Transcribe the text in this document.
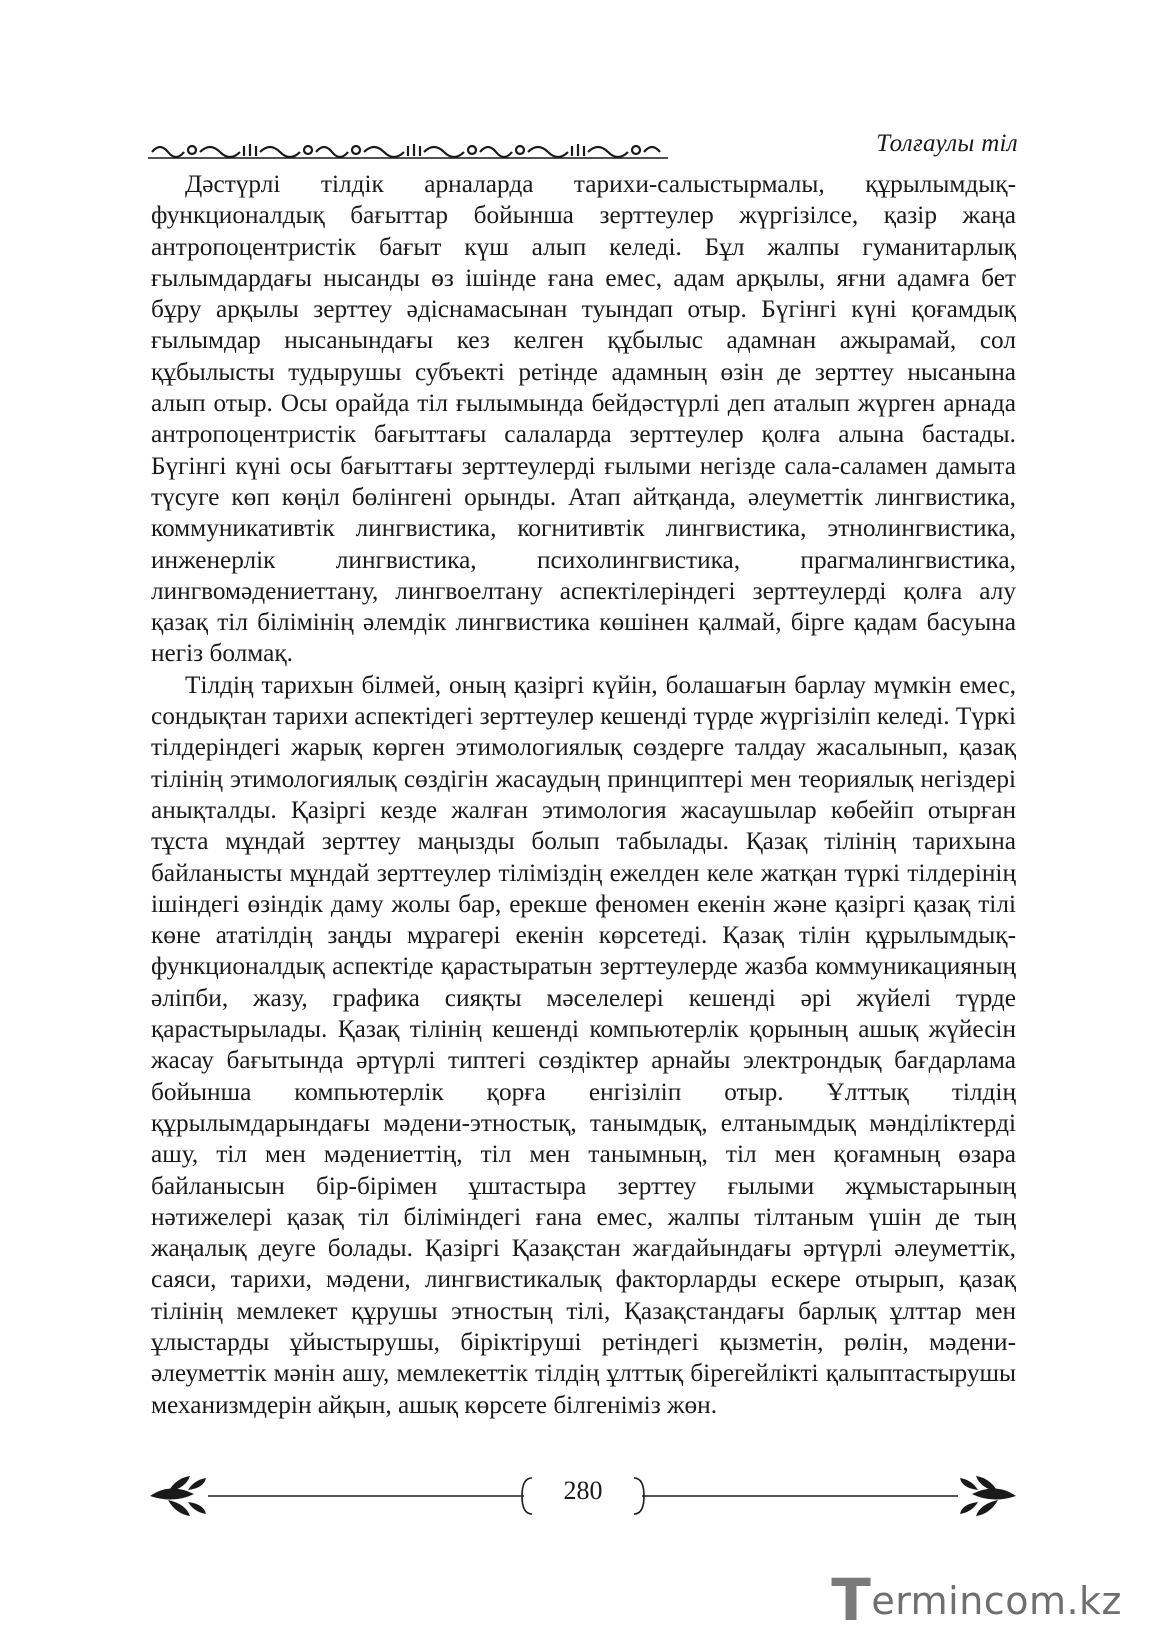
Толғаулы тіл

Дәстүрлі тілдік арналарда тарихи-салыстырмалы, құрылымдық-функционалдық бағыттар бойынша зерттеулер жүргізілсе, қазір жаңа антропоцентристік бағыт күш алып келеді. Бұл жалпы гуманитарлық ғылымдардағы нысанды өз ішінде ғана емес, адам арқылы, яғни адамға бет бұру арқылы зерттеу әдіснамасынан туындап отыр. Бүгінгі күні қоғамдық ғылымдар нысанындағы кез келген құбылыс адамнан ажырамай, сол құбылысты тудырушы субъекті ретінде адамның өзін де зерттеу нысанына алып отыр. Осы орайда тіл ғылымында бейдәстүрлі деп аталып жүрген арнада антропоцентристік бағыттағы салаларда зерттеулер қолға алына бастады. Бүгінгі күні осы бағыттағы зерттеулерді ғылыми негізде сала-саламен дамыта түсуге көп көңіл бөлінгені орынды. Атап айтқанда, әлеуметтік лингвистика, коммуникативтік лингвистика, когнитивтік лингвистика, этнолингвистика, инженерлік лингвистика, психолингвистика, прагмалингвистика, лингвомәдениеттану, лингвоелтану аспектілеріндегі зерттеулерді қолға алу қазақ тіл білімінің әлемдік лингвистика көшінен қалмай, бірге қадам басуына негіз болмақ.

Тілдің тарихын білмей, оның қазіргі күйін, болашағын барлау мүмкін емес, сондықтан тарихи аспектідегі зерттеулер кешенді түрде жүргізіліп келеді. Түркі тілдеріндегі жарық көрген этимологиялық сөздерге талдау жасалынып, қазақ тілінің этимологиялық сөздігін жасаудың принциптері мен теориялық негіздері анықталды. Қазіргі кезде жалған этимология жасаушылар көбейіп отырған тұста мұндай зерттеу маңызды болып табылады. Қазақ тілінің тарихына байланысты мұндай зерттеулер тіліміздің ежелден келе жатқан түркі тілдерінің ішіндегі өзіндік даму жолы бар, ерекше феномен екенін және қазіргі қазақ тілі көне ататілдің заңды мұрагері екенін көрсетеді. Қазақ тілін құрылымдық-функционалдық аспектіде қарастыратын зерттеулерде жазба коммуникацияның әліпби, жазу, графика сияқты мәселелері кешенді әрі жүйелі түрде қарастырылады. Қазақ тілінің кешенді компьютерлік қорының ашық жүйесін жасау бағытында әртүрлі типтегі сөздіктер арнайы электрондық бағдарлама бойынша компьютерлік қорға енгізіліп отыр. Ұлттық тілдің құрылымдарындағы мәдени-этностық, танымдық, елтанымдық мәнділіктерді ашу, тіл мен мәдениеттің, тіл мен танымның, тіл мен қоғамның өзара байланысын бір-бірімен ұштастыра зерттеу ғылыми жұмыстарының нәтижелері қазақ тіл біліміндегі ғана емес, жалпы тілтаным үшін де тың жаңалық деуге болады. Қазіргі Қазақстан жағдайындағы әртүрлі әлеуметтік, саяси, тарихи, мәдени, лингвистикалық факторларды ескере отырып, қазақ тілінің мемлекет құрушы этностың тілі, Қазақстандағы барлық ұлттар мен ұлыстарды ұйыстырушы, біріктіруші ретіндегі қызметін, рөлін, мәдени-әлеуметтік мәнін ашу, мемлекеттік тілдің ұлттық бірегейлікті қалыптастырушы механизмдерін айқын, ашық көрсете білгеніміз жөн.

280
Termincom.kz
